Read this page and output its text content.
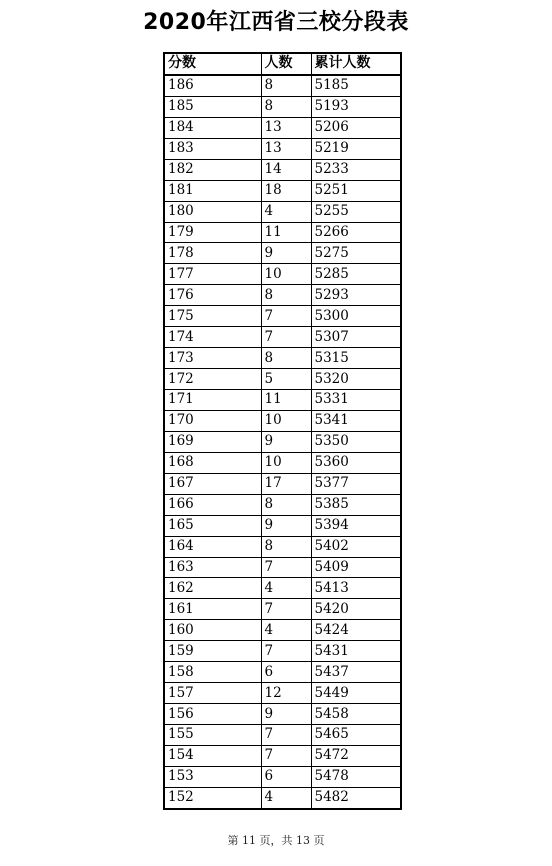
2020年江西省三校分段表
分数	人数	累计人数
186	8	5185
185	8	5193
184	13	5206
183	13	5219
182	14	5233
181	18	5251
180	4	5255
179	11	5266
178	9	5275
177	10	5285
176	8	5293
175	7	5300
174	7	5307
173	8	5315
172	5	5320
171	11	5331
170	10	5341
169	9	5350
168	10	5360
167	17	5377
166	8	5385
165	9	5394
164	8	5402
163	7	5409
162	4	5413
161	7	5420
160	4	5424
159	7	5431
158	6	5437
157	12	5449
156	9	5458
155	7	5465
154	7	5472
153	6	5478
152	4	5482
第 11 页，共 13 页
